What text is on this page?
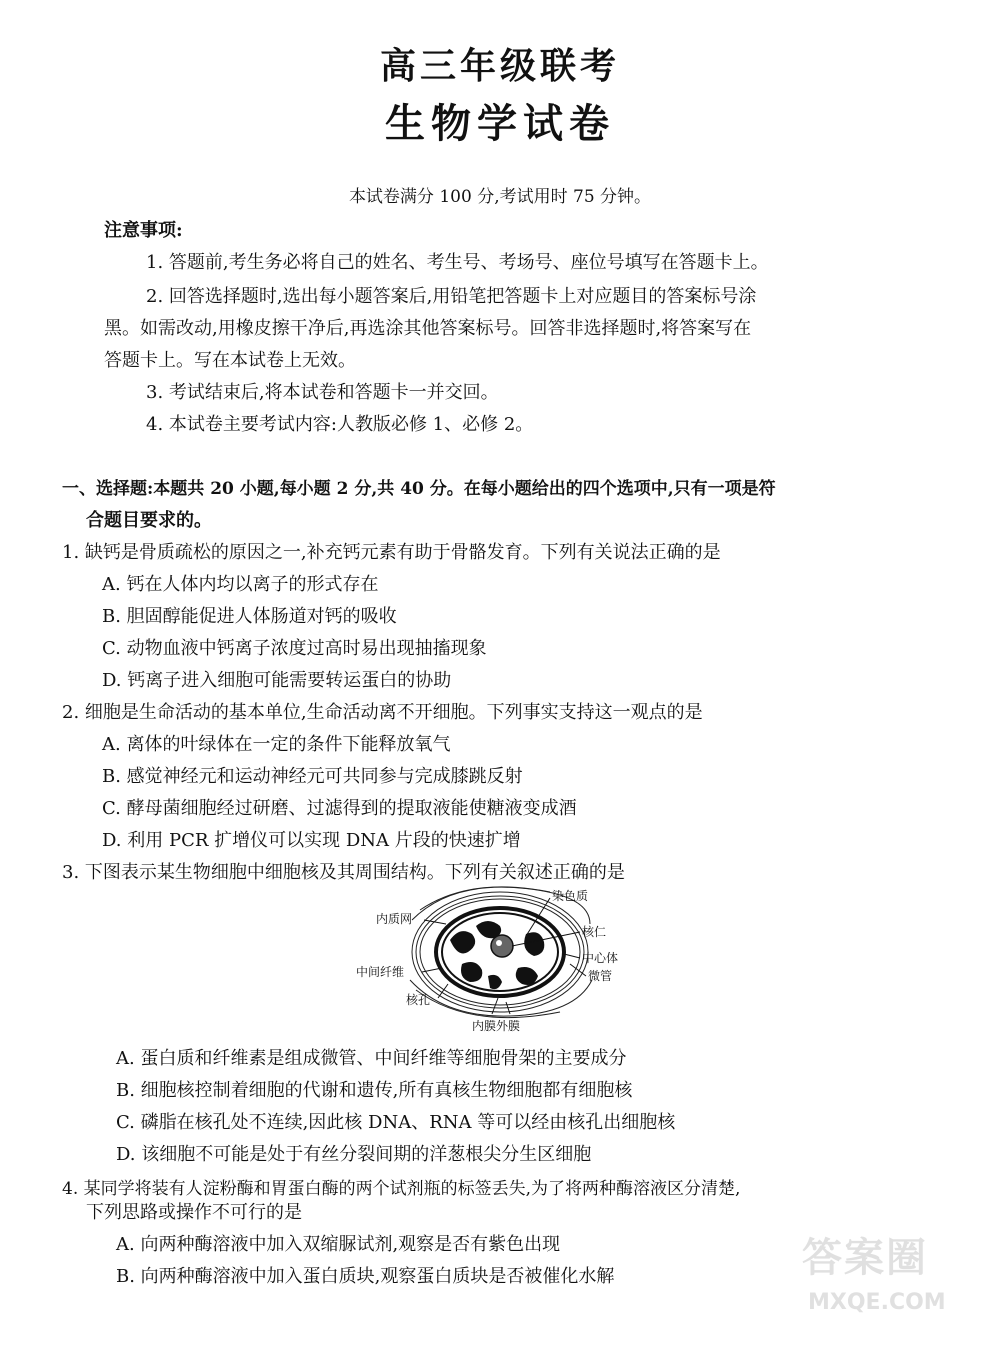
高三年级联考
生物学试卷
本试卷满分 100 分,考试用时 75 分钟。
注意事项:
1. 答题前,考生务必将自己的姓名、考生号、考场号、座位号填写在答题卡上。
2. 回答选择题时,选出每小题答案后,用铅笔把答题卡上对应题目的答案标号涂
黑。如需改动,用橡皮擦干净后,再选涂其他答案标号。回答非选择题时,将答案写在
答题卡上。写在本试卷上无效。
3. 考试结束后,将本试卷和答题卡一并交回。
4. 本试卷主要考试内容:人教版必修 1、必修 2。
一、选择题:本题共 20 小题,每小题 2 分,共 40 分。在每小题给出的四个选项中,只有一项是符
合题目要求的。
1. 缺钙是骨质疏松的原因之一,补充钙元素有助于骨骼发育。下列有关说法正确的是
A. 钙在人体内均以离子的形式存在
B. 胆固醇能促进人体肠道对钙的吸收
C. 动物血液中钙离子浓度过高时易出现抽搐现象
D. 钙离子进入细胞可能需要转运蛋白的协助
2. 细胞是生命活动的基本单位,生命活动离不开细胞。下列事实支持这一观点的是
A. 离体的叶绿体在一定的条件下能释放氧气
B. 感觉神经元和运动神经元可共同参与完成膝跳反射
C. 酵母菌细胞经过研磨、过滤得到的提取液能使糖液变成酒
D. 利用 PCR 扩增仪可以实现 DNA 片段的快速扩增
3. 下图表示某生物细胞中细胞核及其周围结构。下列有关叙述正确的是
内质网
染色质
核仁
中心体
微管
中间纤维
核孔
内膜外膜
A. 蛋白质和纤维素是组成微管、中间纤维等细胞骨架的主要成分
B. 细胞核控制着细胞的代谢和遗传,所有真核生物细胞都有细胞核
C. 磷脂在核孔处不连续,因此核 DNA、RNA 等可以经由核孔出细胞核
D. 该细胞不可能是处于有丝分裂间期的洋葱根尖分生区细胞
4. 某同学将装有人淀粉酶和胃蛋白酶的两个试剂瓶的标签丢失,为了将两种酶溶液区分清楚,
下列思路或操作不可行的是
A. 向两种酶溶液中加入双缩脲试剂,观察是否有紫色出现
B. 向两种酶溶液中加入蛋白质块,观察蛋白质块是否被催化水解	答案圈
MXQE.COM
